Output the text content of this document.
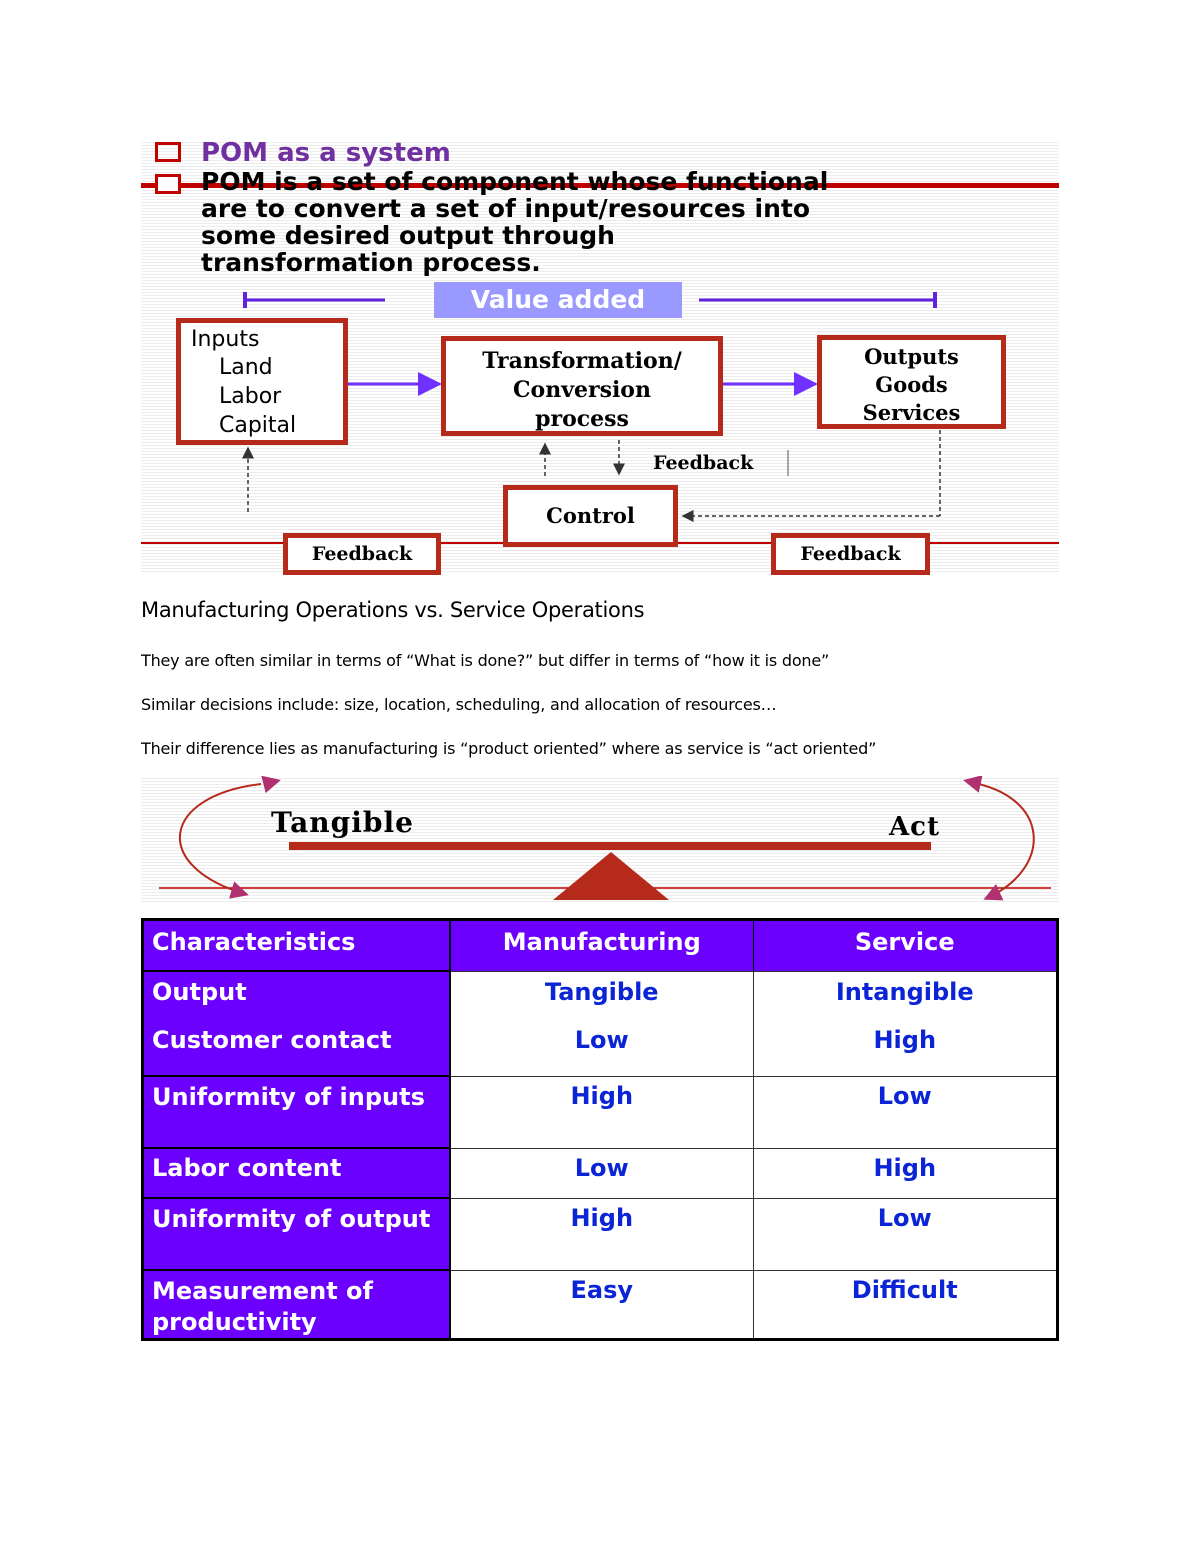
POM as a system
POM is a set of component whose functional
are to convert a set of input/resources into
some desired output through
transformation process.
Value added
Inputs
Land
Labor
Capital
Transformation/
Conversion
process
Outputs
Goods
Services
Feedback
Control
Feedback	Feedback
Manufacturing Operations vs. Service Operations
They are often similar in terms of “What is done?” but differ in terms of “how it is done”
Similar decisions include: size, location, scheduling, and allocation of resources…
Their difference lies as manufacturing is “product oriented” where as service is “act oriented”
Tangible	Act
Characteristics	Manufacturing	Service
Output	Tangible	Intangible
Customer contact	Low	High
Uniformity of inputs	High	Low
Labor content	Low	High
Uniformity of output	High	Low
Measurement of productivity	Easy	Difficult
